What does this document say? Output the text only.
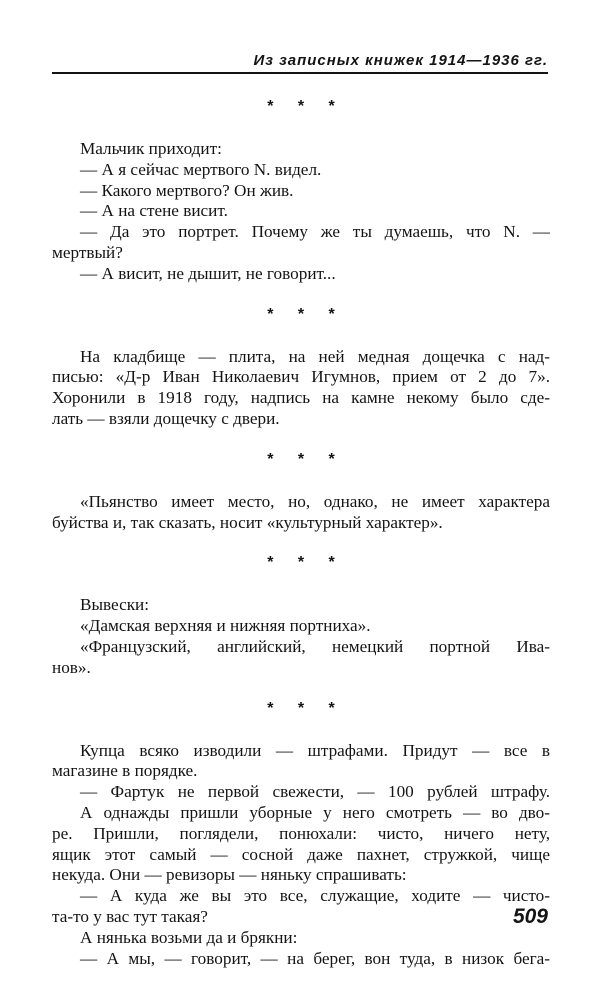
Из записных книжек 1914—1936 гг.
* * *

Мальчик приходит:

— А я сейчас мертвого N. видел.

— Какого мертвого? Он жив.

— А на стене висит.

— Да это портрет. Почему же ты думаешь, что N. —

мертвый?

— А висит, не дышит, не говорит...

* * *

На кладбище — плита, на ней медная дощечка с над-

писью: «Д-р Иван Николаевич Игумнов, прием от 2 до 7».

Хоронили в 1918 году, надпись на камне некому было сде-

лать — взяли дощечку с двери.

* * *

«Пьянство имеет место, но, однако, не имеет характера

буйства и, так сказать, носит «культурный характер».

* * *

Вывески:

«Дамская верхняя и нижняя портниха».

«Французский, английский, немецкий портной Ива-

нов».

* * *

Купца всяко изводили — штрафами. Придут — все в

магазине в порядке.

— Фартук не первой свежести, — 100 рублей штрафу.

А однажды пришли уборные у него смотреть — во дво-

ре. Пришли, поглядели, понюхали: чисто, ничего нету,

ящик этот самый — сосной даже пахнет, стружкой, чище

некуда. Они — ревизоры — няньку спрашивать:

— А куда же вы это все, служащие, ходите — чисто-

та-то у вас тут такая?

А нянька возьми да и брякни:

— А мы, — говорит, — на берег, вон туда, в низок бега-

509
